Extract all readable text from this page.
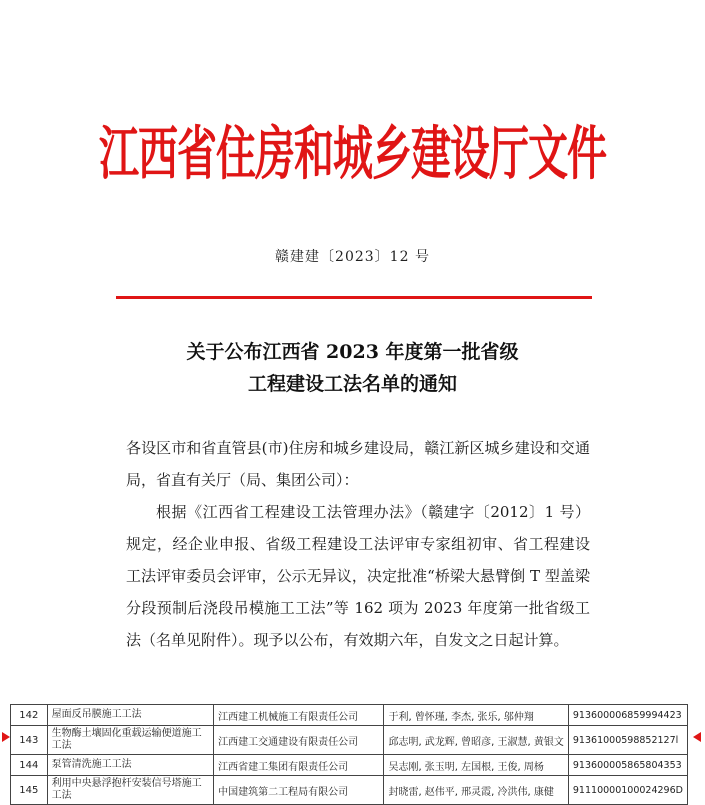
江西省住房和城乡建设厅文件
赣建建〔2023〕12 号
关于公布江西省 2023 年度第一批省级
工程建设工法名单的通知

各设区市和省直管县(市)住房和城乡建设局，赣江新区城乡建设和交通局，省直有关厅（局、集团公司）：

根据《江西省工程建设工法管理办法》（赣建字〔2012〕1 号）规定，经企业申报、省级工程建设工法评审专家组初审、省工程建设工法评审委员会评审，公示无异议，决定批准“桥梁大悬臂倒 T 型盖梁分段预制后浇段吊模施工工法”等 162 项为 2023 年度第一批省级工法（名单见附件）。现予以公布，有效期六年，自发文之日起计算。

142	屋面反吊膜施工工法	江西建工机械施工有限责任公司	于利, 曾怀瑾, 李杰, 张乐, 邬仲翔	913600006859994423
143	生物酶土壤固化重载运输便道施工工法	江西建工交通建设有限责任公司	邱志明, 武龙辉, 曾昭彦, 王淑慧, 黄银文	91361000598852127l
144	泵管清洗施工工法	江西省建工集团有限责任公司	吴志刚, 张玉明, 左国根, 王俊, 周杨	913600005865804353
145	利用中央悬浮抱杆安装信号塔施工工法	中国建筑第二工程局有限公司	封晓雷, 赵伟平, 邢灵霞, 冷洪伟, 康健	91110000100024296D
